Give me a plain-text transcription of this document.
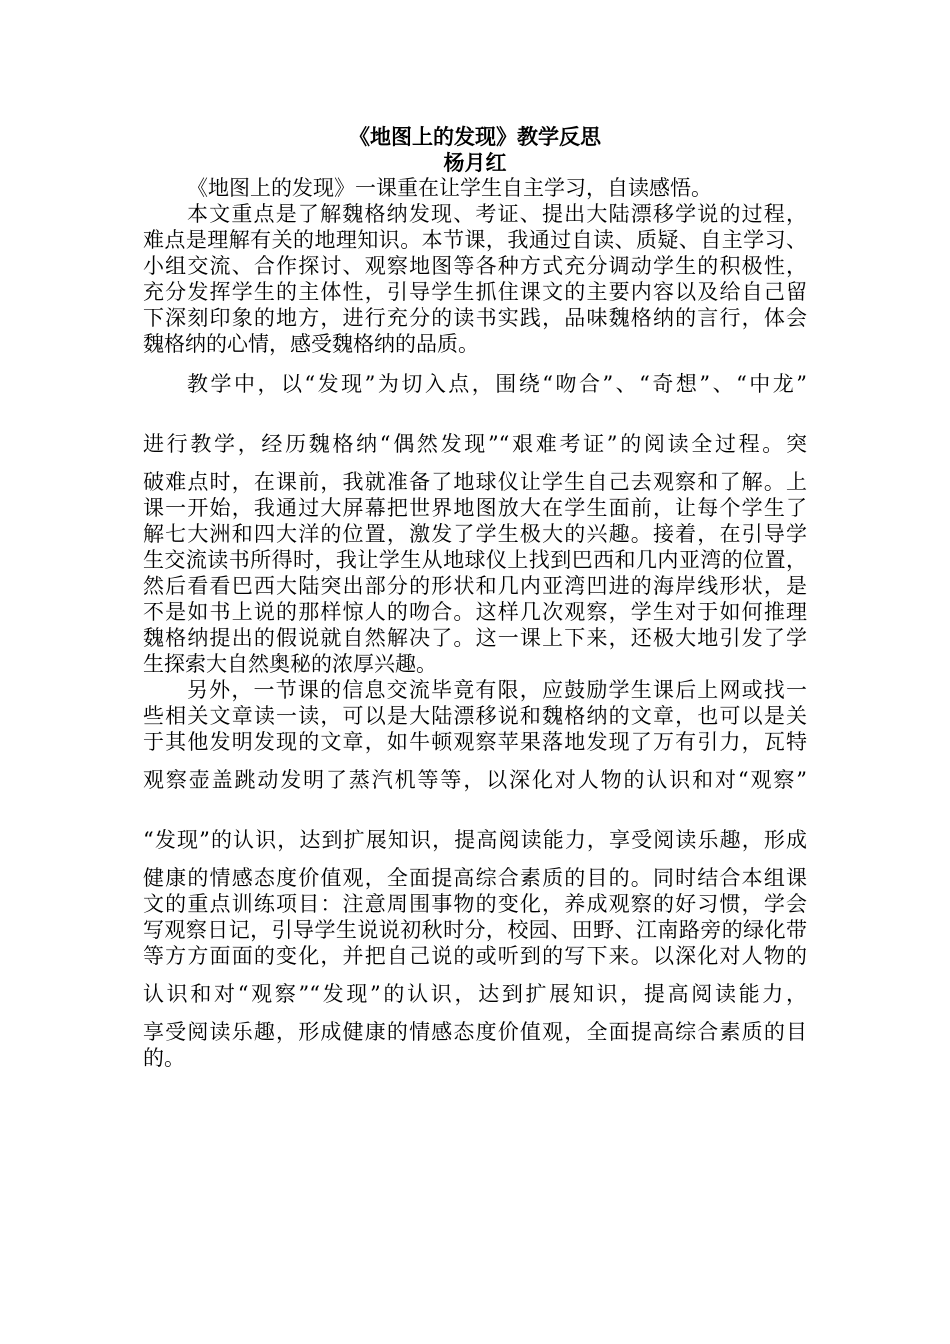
《地图上的发现》教学反思
杨月红
《地图上的发现》一课重在让学生自主学习，自读感悟。
本文重点是了解魏格纳发现、考证、提出大陆漂移学说的过程，
难点是理解有关的地理知识。本节课，我通过自读、质疑、自主学习、
小组交流、合作探讨、观察地图等各种方式充分调动学生的积极性，
充分发挥学生的主体性，引导学生抓住课文的主要内容以及给自己留
下深刻印象的地方，进行充分的读书实践，品味魏格纳的言行，体会
魏格纳的心情，感受魏格纳的品质。
教学中，以“发现”为切入点，围绕“吻合”、“奇想”、“中龙”
进行教学，经历魏格纳“偶然发现”“艰难考证”的阅读全过程。突
破难点时，在课前，我就准备了地球仪让学生自己去观察和了解。上
课一开始，我通过大屏幕把世界地图放大在学生面前，让每个学生了
解七大洲和四大洋的位置，激发了学生极大的兴趣。接着，在引导学
生交流读书所得时，我让学生从地球仪上找到巴西和几内亚湾的位置，
然后看看巴西大陆突出部分的形状和几内亚湾凹进的海岸线形状，是
不是如书上说的那样惊人的吻合。这样几次观察，学生对于如何推理
魏格纳提出的假说就自然解决了。这一课上下来，还极大地引发了学
生探索大自然奥秘的浓厚兴趣。
另外，一节课的信息交流毕竟有限，应鼓励学生课后上网或找一
些相关文章读一读，可以是大陆漂移说和魏格纳的文章，也可以是关
于其他发明发现的文章，如牛顿观察苹果落地发现了万有引力，瓦特
观察壶盖跳动发明了蒸汽机等等，以深化对人物的认识和对“观察”
“发现”的认识，达到扩展知识，提高阅读能力，享受阅读乐趣，形成
健康的情感态度价值观，全面提高综合素质的目的。同时结合本组课
文的重点训练项目：注意周围事物的变化，养成观察的好习惯，学会
写观察日记，引导学生说说初秋时分，校园、田野、江南路旁的绿化带
等方方面面的变化，并把自己说的或听到的写下来。以深化对人物的
认识和对“观察”“发现”的认识，达到扩展知识，提高阅读能力，
享受阅读乐趣，形成健康的情感态度价值观，全面提高综合素质的目
的。
